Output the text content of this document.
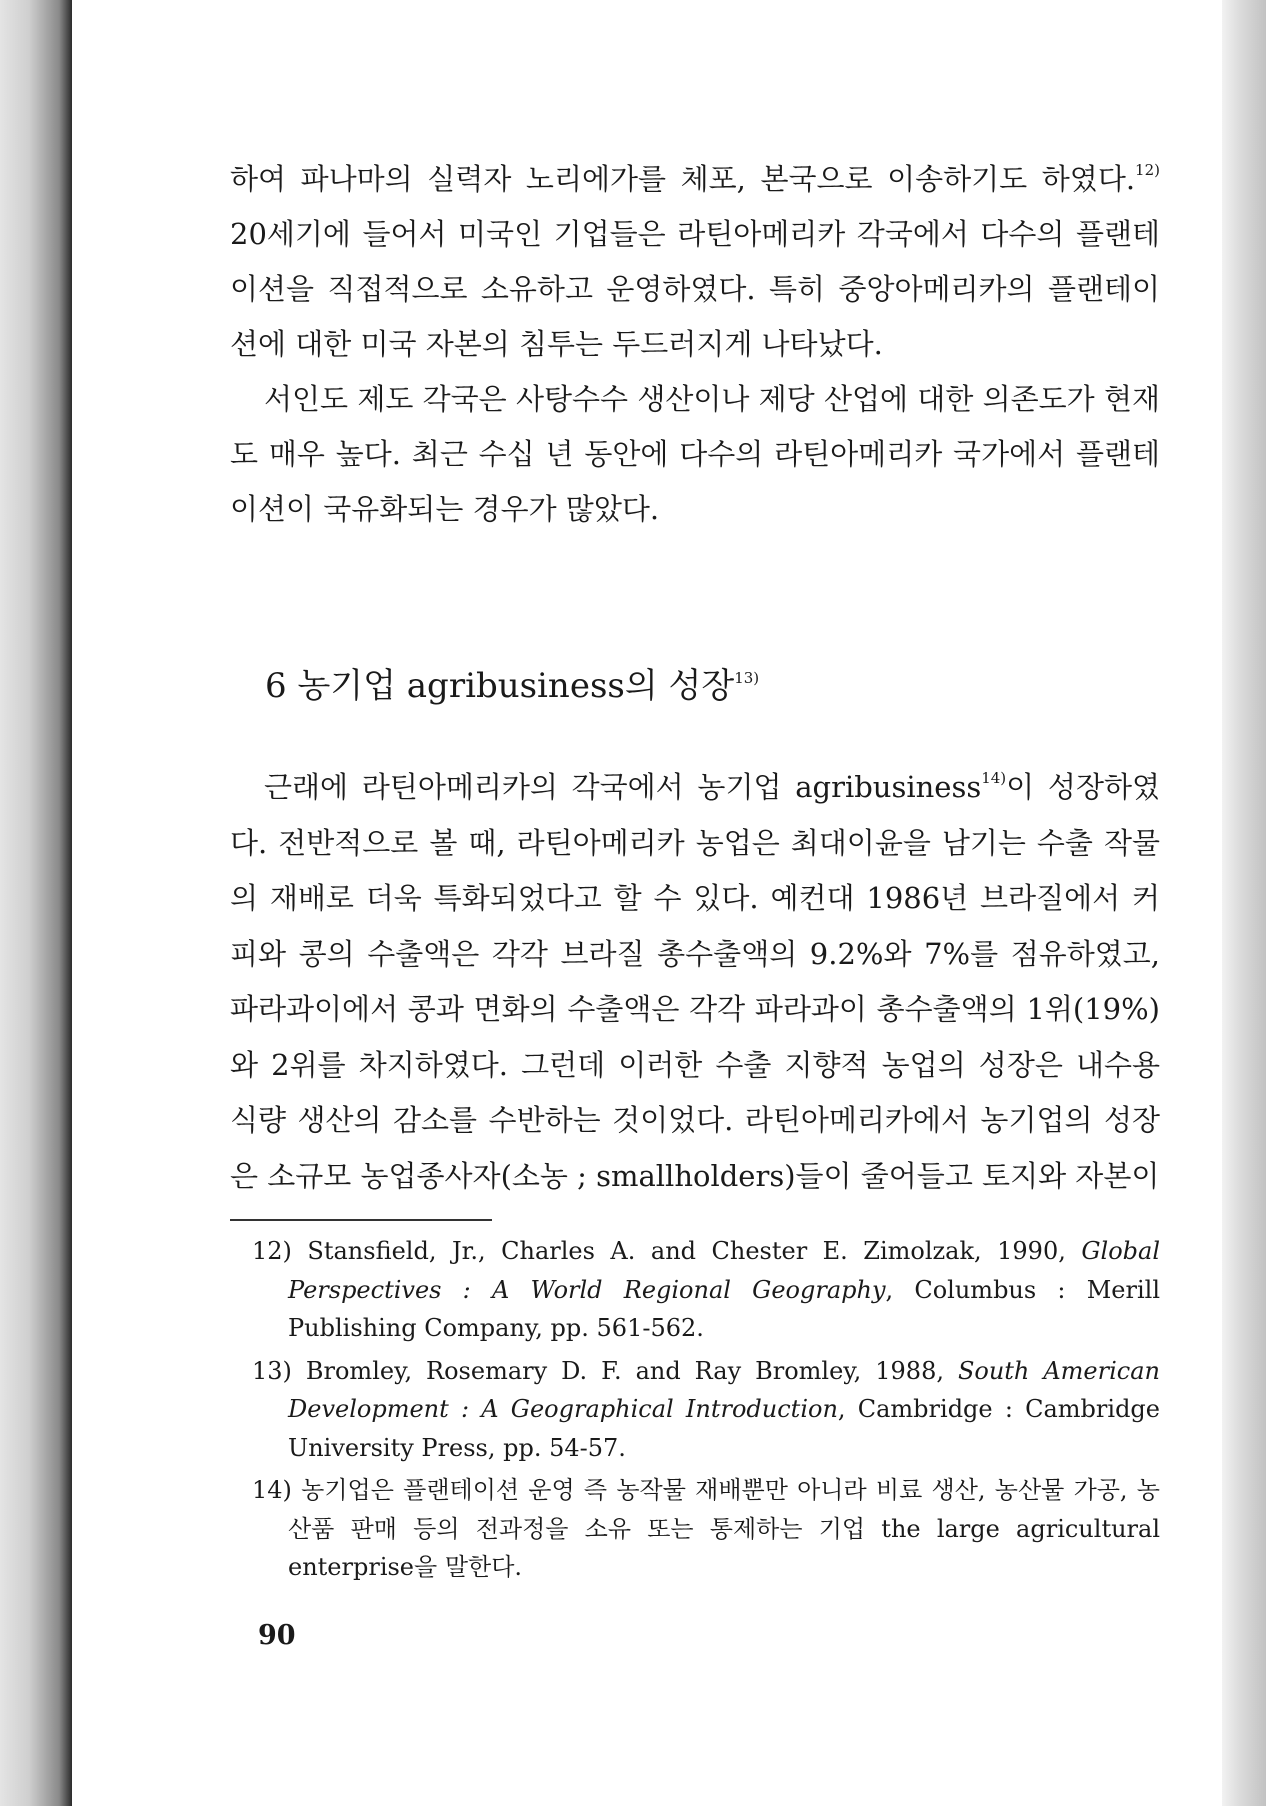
하여 파나마의 실력자 노리에가를 체포, 본국으로 이송하기도 하였다.$^{12)}$ 20세기에 들어서 미국인 기업들은 라틴아메리카 각국에서 다수의 플랜테이션을 직접적으로 소유하고 운영하였다. 특히 중앙아메리카의 플랜테이션에 대한 미국 자본의 침투는 두드러지게 나타났다.

서인도 제도 각국은 사탕수수 생산이나 제당 산업에 대한 의존도가 현재도 매우 높다. 최근 수십 년 동안에 다수의 라틴아메리카 국가에서 플랜테이션이 국유화되는 경우가 많았다.

6 농기업 agribusiness의 성장$^{13)}$

근래에 라틴아메리카의 각국에서 농기업 agribusiness$^{14)}$이 성장하였다. 전반적으로 볼 때, 라틴아메리카 농업은 최대이윤을 남기는 수출 작물의 재배로 더욱 특화되었다고 할 수 있다. 예컨대 1986년 브라질에서 커피와 콩의 수출액은 각각 브라질 총수출액의 9.2%와 7%를 점유하였고, 파라과이에서 콩과 면화의 수출액은 각각 파라과이 총수출액의 1위(19%)와 2위를 차지하였다. 그런데 이러한 수출 지향적 농업의 성장은 내수용 식량 생산의 감소를 수반하는 것이었다. 라틴아메리카에서 농기업의 성장은 소규모 농업종사자(소농 ; smallholders)들이 줄어들고 토지와 자본이

12) Stansfield, Jr., Charles A. and Chester E. Zimolzak, 1990, Global Perspectives : A World Regional Geography, Columbus : Merill Publishing Company, pp. 561-562.
13) Bromley, Rosemary D. F. and Ray Bromley, 1988, South American Development : A Geographical Introduction, Cambridge : Cambridge University Press, pp. 54-57.
14) 농기업은 플랜테이션 운영 즉 농작물 재배뿐만 아니라 비료 생산, 농산물 가공, 농산품 판매 등의 전과정을 소유 또는 통제하는 기업 the large agricultural enterprise을 말한다.
90
